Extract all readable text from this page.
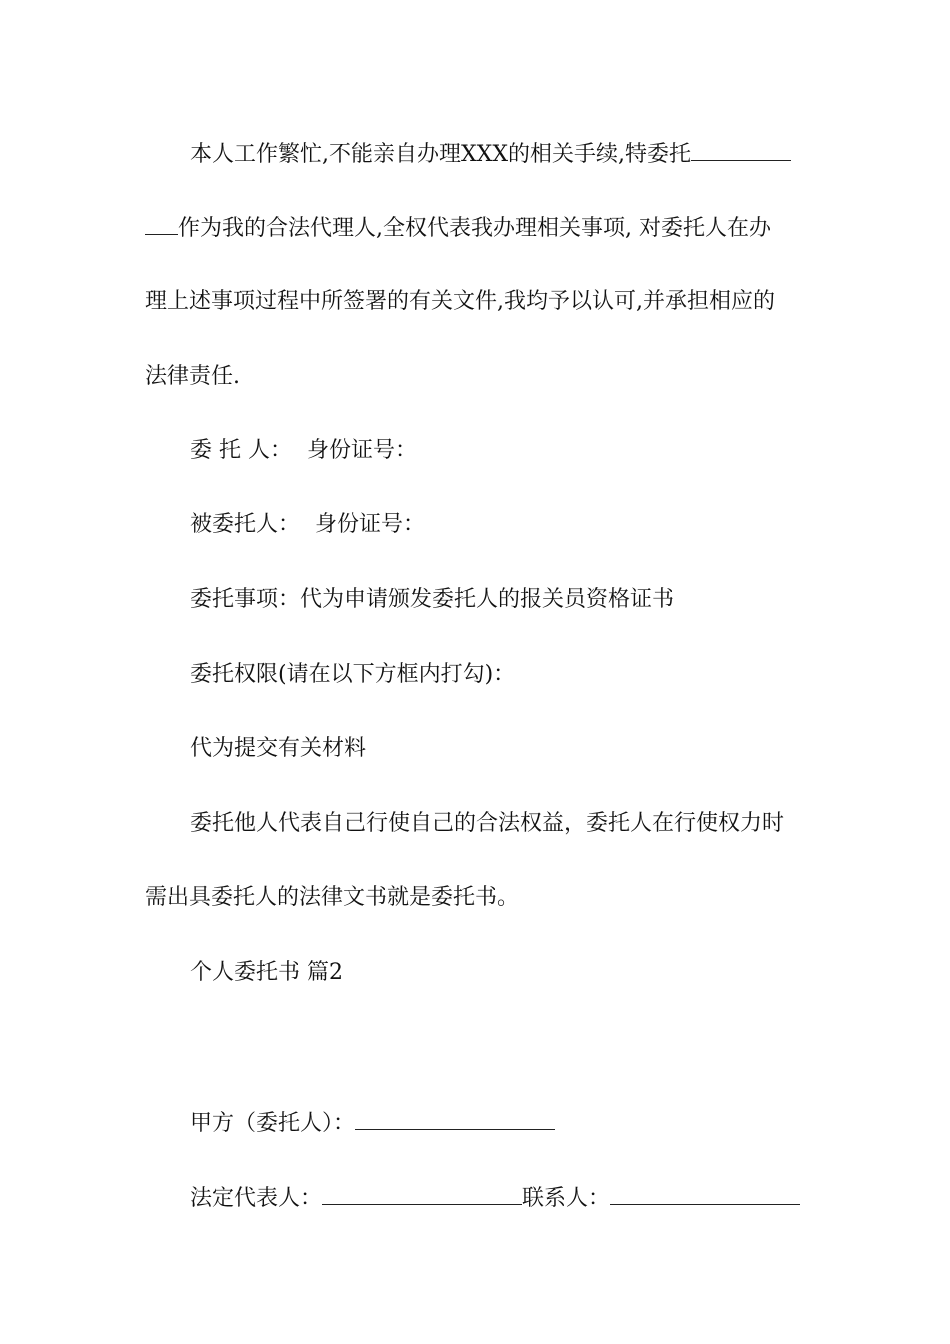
本人工作繁忙,不能亲自办理XXX的相关手续,特委托
作为我的合法代理人,全权代表我办理相关事项, 对委托人在办
理上述事项过程中所签署的有关文件,我均予以认可,并承担相应的
法律责任.
委 托 人： 身份证号：
被委托人： 身份证号：
委托事项：代为申请颁发委托人的报关员资格证书
委托权限(请在以下方框内打勾)：
代为提交有关材料
委托他人代表自己行使自己的合法权益，委托人在行使权力时
需出具委托人的法律文书就是委托书。
个人委托书 篇2
甲方（委托人）：
法定代表人：	联系人：
